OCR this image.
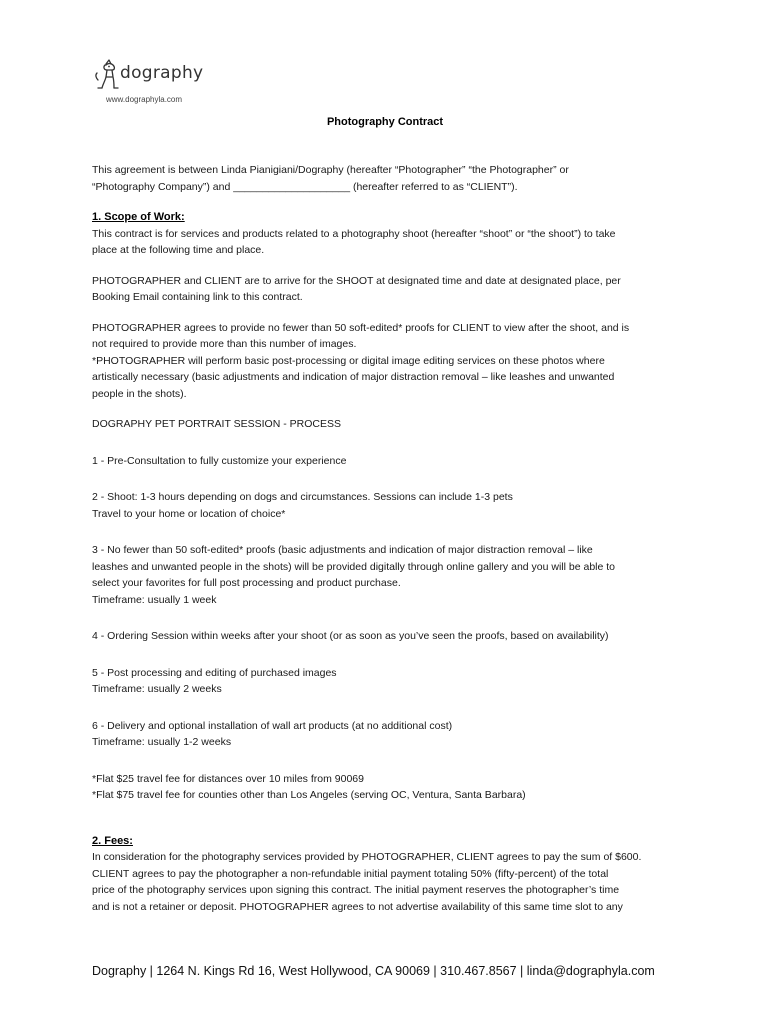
dography
www.dographyla.com
Photography Contract

This agreement is between Linda Pianigiani/Dography (hereafter “Photographer” “the Photographer” or
“Photography Company”) and ____________________ (hereafter referred to as “CLIENT”).

1. Scope of Work:

This contract is for services and products related to a photography shoot (hereafter “shoot” or “the shoot”) to take
place at the following time and place.

PHOTOGRAPHER and CLIENT are to arrive for the SHOOT at designated time and date at designated place, per
Booking Email containing link to this contract.

PHOTOGRAPHER agrees to provide no fewer than 50 soft-edited* proofs for CLIENT to view after the shoot, and is
not required to provide more than this number of images.
*PHOTOGRAPHER will perform basic post-processing or digital image editing services on these photos where
artistically necessary (basic adjustments and indication of major distraction removal – like leashes and unwanted
people in the shots).

DOGRAPHY PET PORTRAIT SESSION - PROCESS

1 - Pre-Consultation to fully customize your experience

2 - Shoot: 1-3 hours depending on dogs and circumstances. Sessions can include 1-3 pets
Travel to your home or location of choice*

3 - No fewer than 50 soft-edited* proofs (basic adjustments and indication of major distraction removal – like
leashes and unwanted people in the shots) will be provided digitally through online gallery and you will be able to
select your favorites for full post processing and product purchase.
Timeframe: usually 1 week

4 - Ordering Session within weeks after your shoot (or as soon as you’ve seen the proofs, based on availability)

5 - Post processing and editing of purchased images
Timeframe: usually 2 weeks

6 - Delivery and optional installation of wall art products (at no additional cost)
Timeframe: usually 1-2 weeks

*Flat $25 travel fee for distances over 10 miles from 90069

*Flat $75 travel fee for counties other than Los Angeles (serving OC, Ventura, Santa Barbara)

2. Fees:

In consideration for the photography services provided by PHOTOGRAPHER, CLIENT agrees to pay the sum of $600.
CLIENT agrees to pay the photographer a non-refundable initial payment totaling 50% (fifty-percent) of the total
price of the photography services upon signing this contract. The initial payment reserves the photographer’s time
and is not a retainer or deposit. PHOTOGRAPHER agrees to not advertise availability of this same time slot to any

Dography | 1264 N. Kings Rd 16, West Hollywood, CA 90069 | 310.467.8567 | linda@dographyla.com
